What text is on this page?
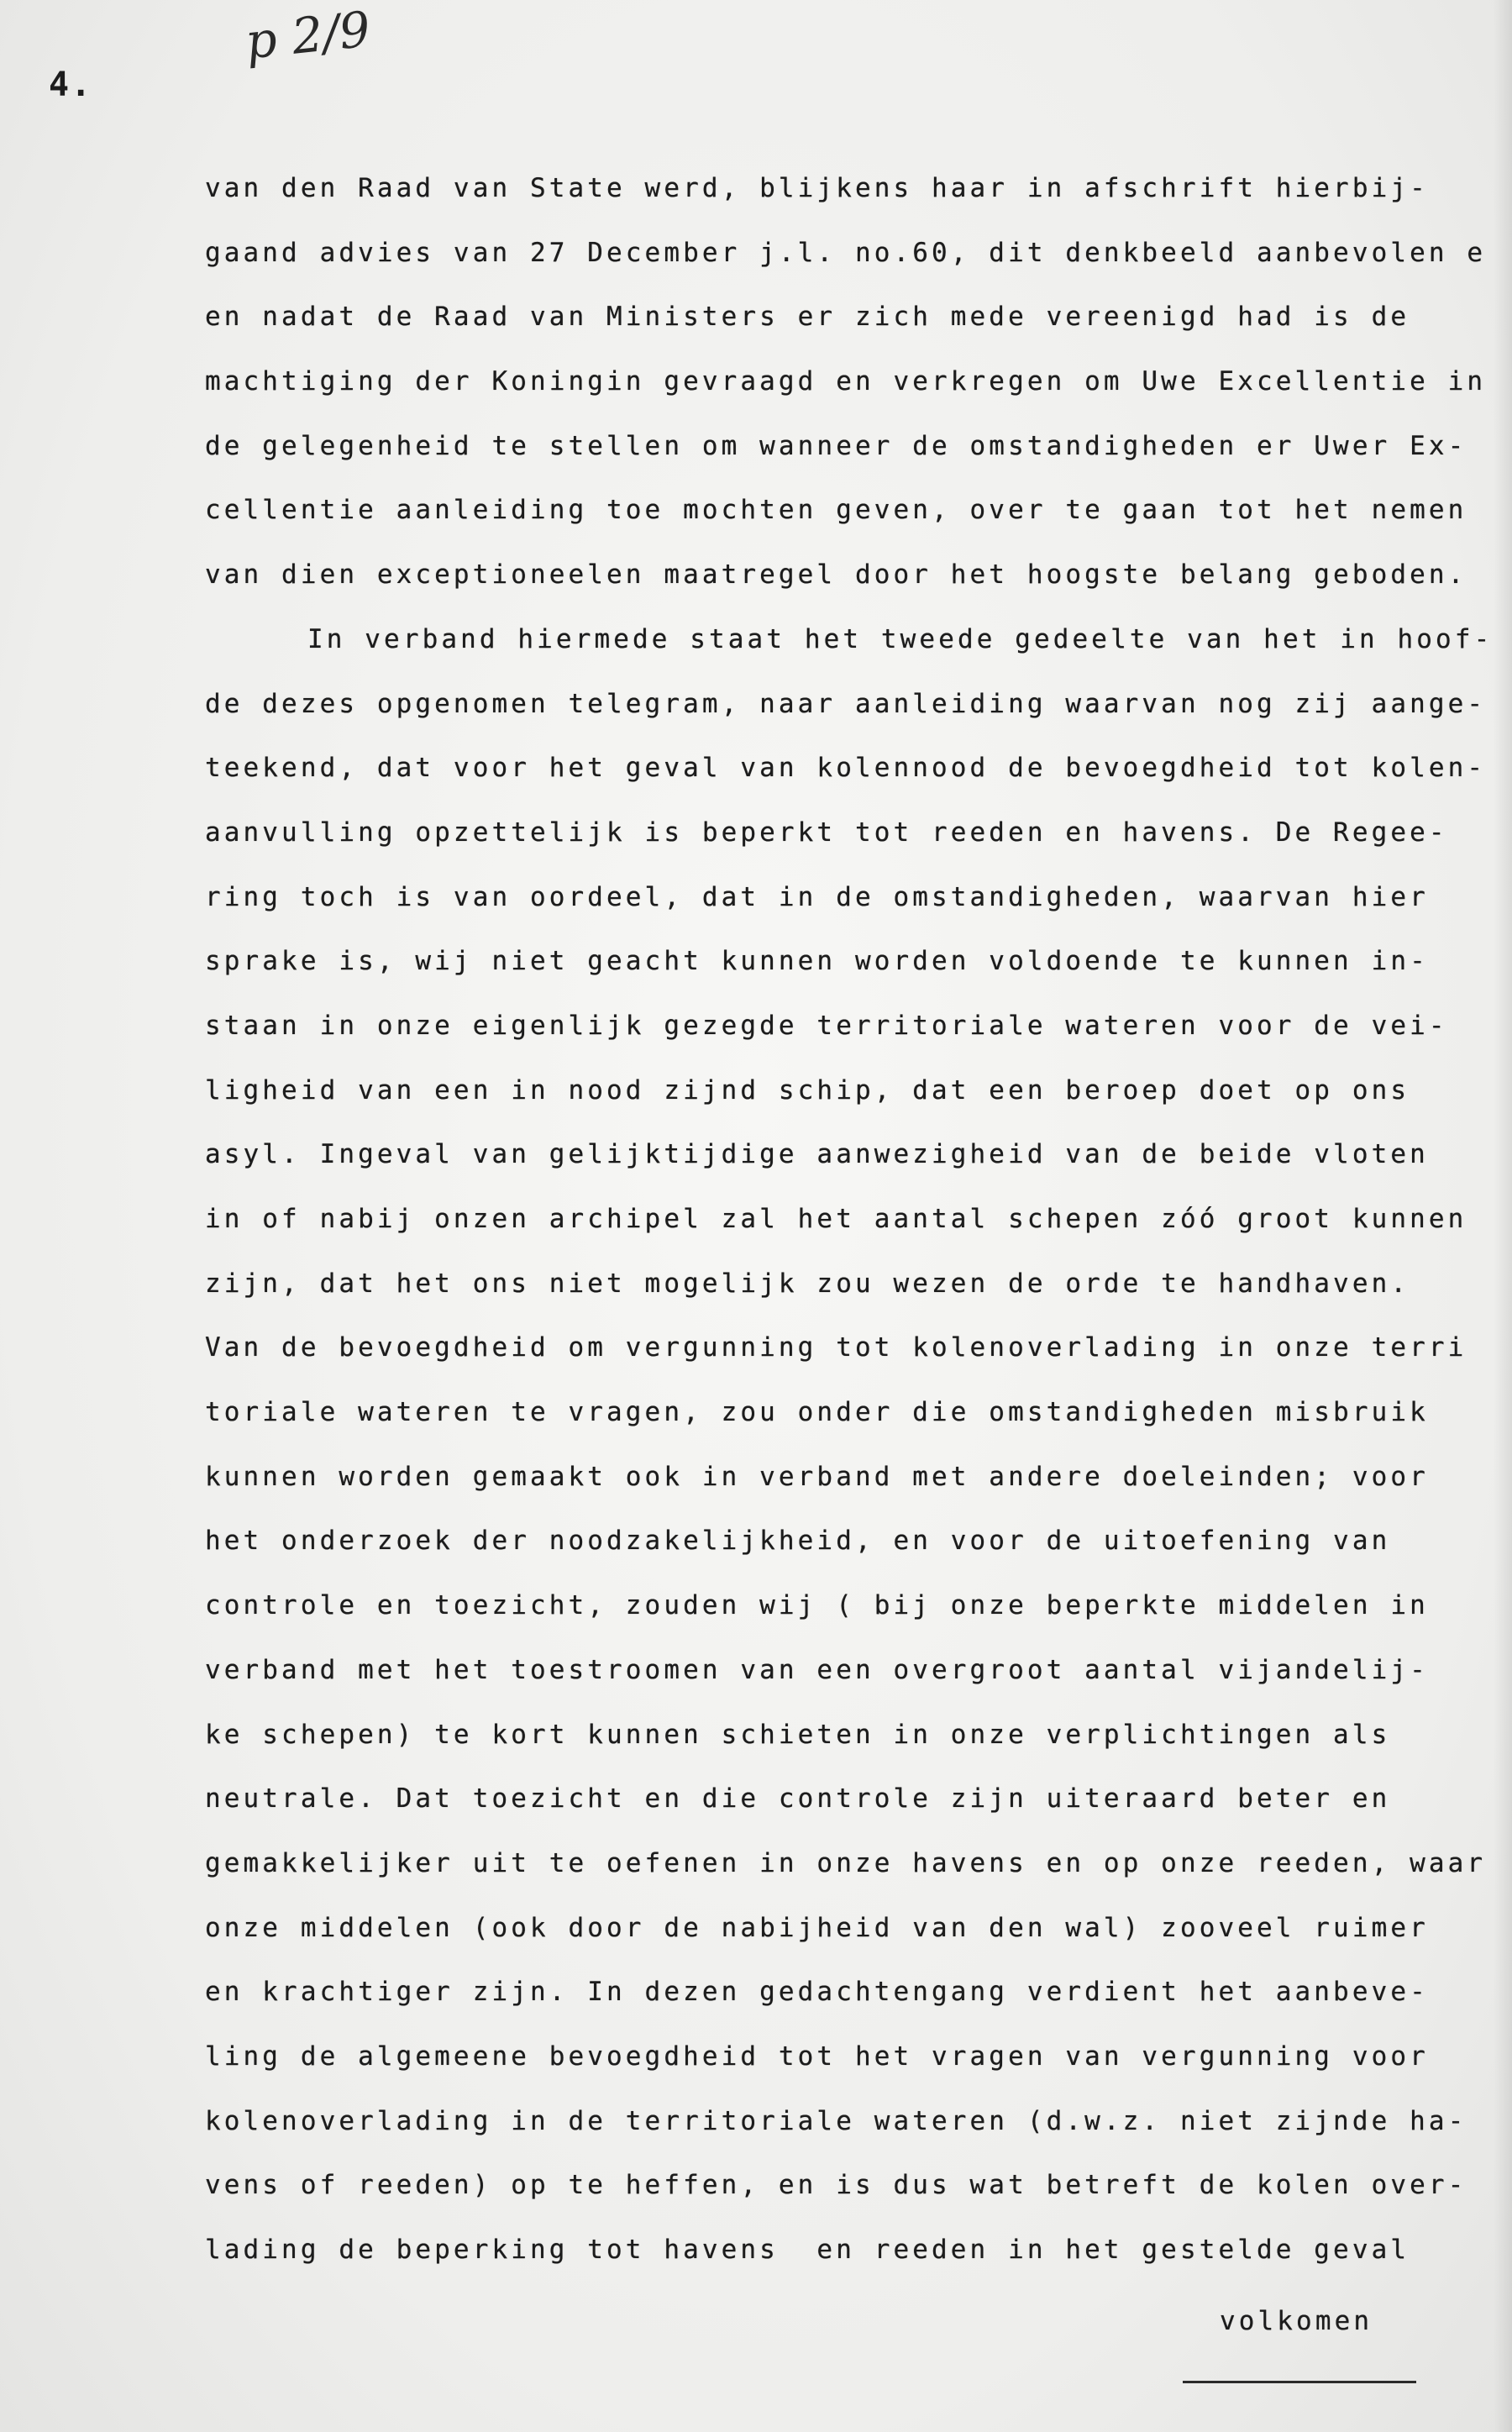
p 2/9
4.
van den Raad van State werd, blijkens haar in afschrift hierbij-
gaand advies van 27 December j.l. no.60, dit denkbeeld aanbevolen e
en nadat de Raad van Ministers er zich mede vereenigd had is de
machtiging der Koningin gevraagd en verkregen om Uwe Excellentie in
de gelegenheid te stellen om wanneer de omstandigheden er Uwer Ex-
cellentie aanleiding toe mochten geven, over te gaan tot het nemen
van dien exceptioneelen maatregel door het hoogste belang geboden.
In verband hiermede staat het tweede gedeelte van het in hoof-
de dezes opgenomen telegram, naar aanleiding waarvan nog zij aange-
teekend, dat voor het geval van kolennood de bevoegdheid tot kolen-
aanvulling opzettelijk is beperkt tot reeden en havens. De Regee-
ring toch is van oordeel, dat in de omstandigheden, waarvan hier
sprake is, wij niet geacht kunnen worden voldoende te kunnen in-
staan in onze eigenlijk gezegde territoriale wateren voor de vei-
ligheid van een in nood zijnd schip, dat een beroep doet op ons
asyl. Ingeval van gelijktijdige aanwezigheid van de beide vloten
in of nabij onzen archipel zal het aantal schepen zóó groot kunnen
zijn, dat het ons niet mogelijk zou wezen de orde te handhaven.
Van de bevoegdheid om vergunning tot kolenoverlading in onze terri
toriale wateren te vragen, zou onder die omstandigheden misbruik
kunnen worden gemaakt ook in verband met andere doeleinden; voor
het onderzoek der noodzakelijkheid, en voor de uitoefening van
controle en toezicht, zouden wij ( bij onze beperkte middelen in
verband met het toestroomen van een overgroot aantal vijandelij-
ke schepen) te kort kunnen schieten in onze verplichtingen als
neutrale. Dat toezicht en die controle zijn uiteraard beter en
gemakkelijker uit te oefenen in onze havens en op onze reeden, waar
onze middelen (ook door de nabijheid van den wal) zooveel ruimer
en krachtiger zijn. In dezen gedachtengang verdient het aanbeve-
ling de algemeene bevoegdheid tot het vragen van vergunning voor
kolenoverlading in de territoriale wateren (d.w.z. niet zijnde ha-
vens of reeden) op te heffen, en is dus wat betreft de kolen over-
lading de beperking tot havens  en reeden in het gestelde geval
volkomen
